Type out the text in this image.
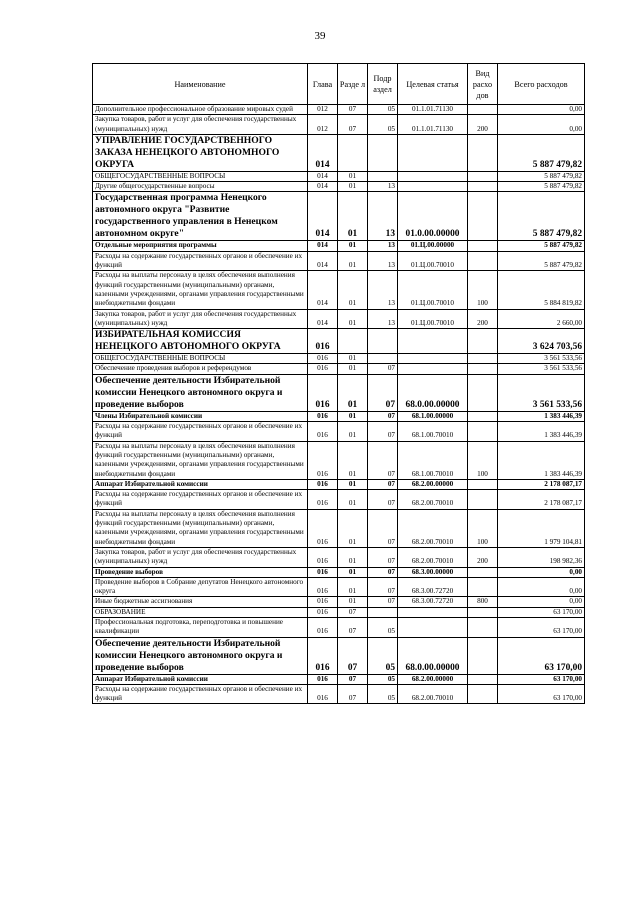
39
Наименование	Глава	Разде л	Подр аздел	Целевая статья	Вид расхо дов	Всего расходов
Дополнительное профессиональное образование мировых судей	012	07	05	01.1.01.71130		0,00
Закупка товаров, работ и услуг для обеспечения государственных (муниципальных) нужд	012	07	05	01.1.01.71130	200	0,00
УПРАВЛЕНИЕ ГОСУДАРСТВЕННОГО ЗАКАЗА НЕНЕЦКОГО АВТОНОМНОГО ОКРУГА	014					5 887 479,82
ОБЩЕГОСУДАРСТВЕННЫЕ ВОПРОСЫ	014	01				5 887 479,82
Другие общегосударственные вопросы	014	01	13			5 887 479,82
Государственная программа Ненецкого автономного округа "Развитие государственного управления в Ненецком автономном округе"	014	01	13	01.0.00.00000		5 887 479,82
Отдельные мероприятия программы	014	01	13	01.Ц.00.00000		5 887 479,82
Расходы на содержание государственных органов и обеспечение их функций	014	01	13	01.Ц.00.70010		5 887 479,82
Расходы на выплаты персоналу в целях обеспечения выполнения функций государственными (муниципальными) органами, казенными учреждениями, органами управления государственными внебюджетными фондами	014	01	13	01.Ц.00.70010	100	5 884 819,82
Закупка товаров, работ и услуг для обеспечения государственных (муниципальных) нужд	014	01	13	01.Ц.00.70010	200	2 660,00
ИЗБИРАТЕЛЬНАЯ КОМИССИЯ НЕНЕЦКОГО АВТОНОМНОГО ОКРУГА	016					3 624 703,56
ОБЩЕГОСУДАРСТВЕННЫЕ ВОПРОСЫ	016	01				3 561 533,56
Обеспечение проведения выборов и референдумов	016	01	07			3 561 533,56
Обеспечение деятельности Избирательной комиссии Ненецкого автономного округа и проведение выборов	016	01	07	68.0.00.00000		3 561 533,56
Члены Избирательной комиссии	016	01	07	68.1.00.00000		1 383 446,39
Расходы на содержание государственных органов и обеспечение их функций	016	01	07	68.1.00.70010		1 383 446,39
Расходы на выплаты персоналу в целях обеспечения выполнения функций государственными (муниципальными) органами, казенными учреждениями, органами управления государственными внебюджетными фондами	016	01	07	68.1.00.70010	100	1 383 446,39
Аппарат Избирательной комиссии	016	01	07	68.2.00.00000		2 178 087,17
Расходы на содержание государственных органов и обеспечение их функций	016	01	07	68.2.00.70010		2 178 087,17
Расходы на выплаты персоналу в целях обеспечения выполнения функций государственными (муниципальными) органами, казенными учреждениями, органами управления государственными внебюджетными фондами	016	01	07	68.2.00.70010	100	1 979 104,81
Закупка товаров, работ и услуг для обеспечения государственных (муниципальных) нужд	016	01	07	68.2.00.70010	200	198 982,36
Проведение выборов	016	01	07	68.3.00.00000		0,00
Проведение выборов в Собрание депутатов Ненецкого автономного округа	016	01	07	68.3.00.72720		0,00
Иные бюджетные ассигнования	016	01	07	68.3.00.72720	800	0,00
ОБРАЗОВАНИЕ	016	07				63 170,00
Профессиональная подготовка, переподготовка и повышение квалификации	016	07	05			63 170,00
Обеспечение деятельности Избирательной комиссии Ненецкого автономного округа и проведение выборов	016	07	05	68.0.00.00000		63 170,00
Аппарат Избирательной комиссии	016	07	05	68.2.00.00000		63 170,00
Расходы на содержание государственных органов и обеспечение их функций	016	07	05	68.2.00.70010		63 170,00
